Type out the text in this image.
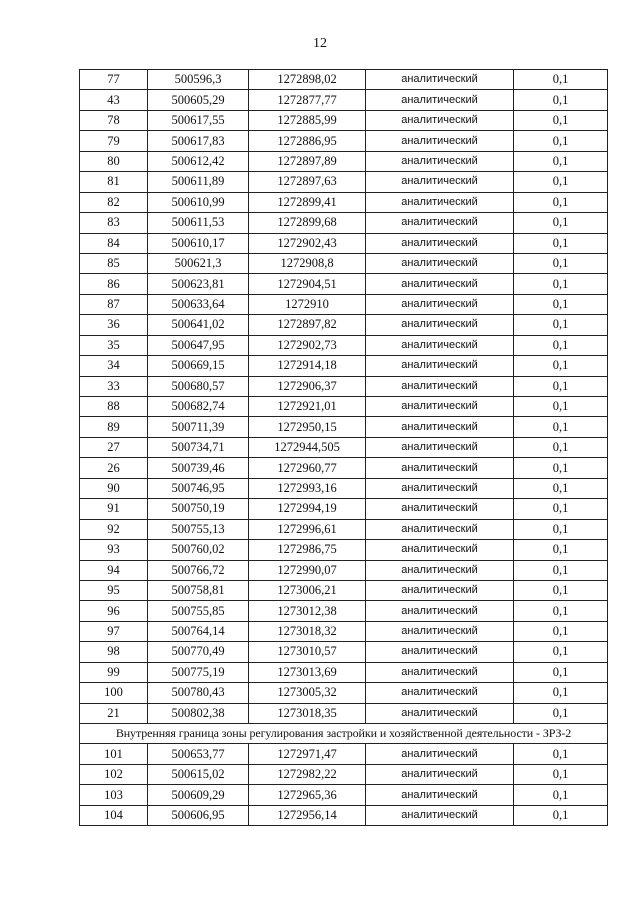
12
77	500596,3	1272898,02	аналитический	0,1
43	500605,29	1272877,77	аналитический	0,1
78	500617,55	1272885,99	аналитический	0,1
79	500617,83	1272886,95	аналитический	0,1
80	500612,42	1272897,89	аналитический	0,1
81	500611,89	1272897,63	аналитический	0,1
82	500610,99	1272899,41	аналитический	0,1
83	500611,53	1272899,68	аналитический	0,1
84	500610,17	1272902,43	аналитический	0,1
85	500621,3	1272908,8	аналитический	0,1
86	500623,81	1272904,51	аналитический	0,1
87	500633,64	1272910	аналитический	0,1
36	500641,02	1272897,82	аналитический	0,1
35	500647,95	1272902,73	аналитический	0,1
34	500669,15	1272914,18	аналитический	0,1
33	500680,57	1272906,37	аналитический	0,1
88	500682,74	1272921,01	аналитический	0,1
89	500711,39	1272950,15	аналитический	0,1
27	500734,71	1272944,505	аналитический	0,1
26	500739,46	1272960,77	аналитический	0,1
90	500746,95	1272993,16	аналитический	0,1
91	500750,19	1272994,19	аналитический	0,1
92	500755,13	1272996,61	аналитический	0,1
93	500760,02	1272986,75	аналитический	0,1
94	500766,72	1272990,07	аналитический	0,1
95	500758,81	1273006,21	аналитический	0,1
96	500755,85	1273012,38	аналитический	0,1
97	500764,14	1273018,32	аналитический	0,1
98	500770,49	1273010,57	аналитический	0,1
99	500775,19	1273013,69	аналитический	0,1
100	500780,43	1273005,32	аналитический	0,1
21	500802,38	1273018,35	аналитический	0,1
Внутренняя граница зоны регулирования застройки и хозяйственной деятельности - ЗРЗ-2				
101	500653,77	1272971,47	аналитический	0,1
102	500615,02	1272982,22	аналитический	0,1
103	500609,29	1272965,36	аналитический	0,1
104	500606,95	1272956,14	аналитический	0,1
